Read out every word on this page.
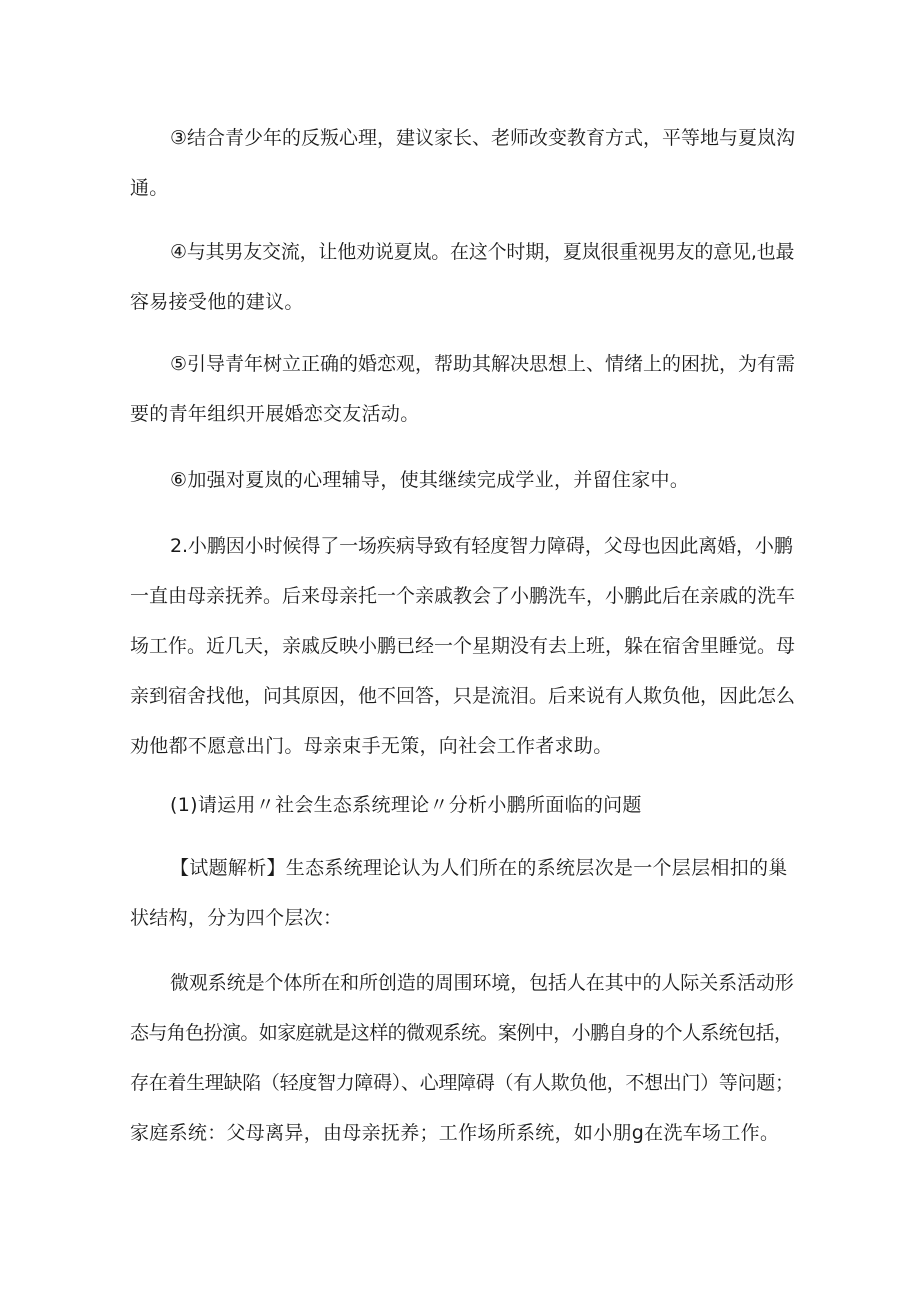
③结合青少年的反叛心理，建议家长、老师改变教育方式，平等地与夏岚沟
通。

④与其男友交流，让他劝说夏岚。在这个时期，夏岚很重视男友的意见,也最
容易接受他的建议。

⑤引导青年树立正确的婚恋观，帮助其解决思想上、情绪上的困扰，为有需
要的青年组织开展婚恋交友活动。

⑥加强对夏岚的心理辅导，使其继续完成学业，并留住家中。

2.小鹏因小时候得了一场疾病导致有轻度智力障碍，父母也因此离婚，小鹏
一直由母亲抚养。后来母亲托一个亲戚教会了小鹏洗车，小鹏此后在亲戚的洗车
场工作。近几天，亲戚反映小鹏已经一个星期没有去上班，躲在宿舍里睡觉。母
亲到宿舍找他，问其原因，他不回答，只是流泪。后来说有人欺负他，因此怎么
劝他都不愿意出门。母亲束手无策，向社会工作者求助。

(1)请运用〃社会生态系统理论〃分析小鹏所面临的问题

【试题解析】生态系统理论认为人们所在的系统层次是一个层层相扣的巢
状结构，分为四个层次：

微观系统是个体所在和所创造的周围环境，包括人在其中的人际关系活动形
态与角色扮演。如家庭就是这样的微观系统。案例中，小鹏自身的个人系统包括，
存在着生理缺陷（轻度智力障碍）、心理障碍（有人欺负他，不想出门）等问题；
家庭系统：父母离异，由母亲抚养；工作场所系统，如小朋g在洗车场工作。
